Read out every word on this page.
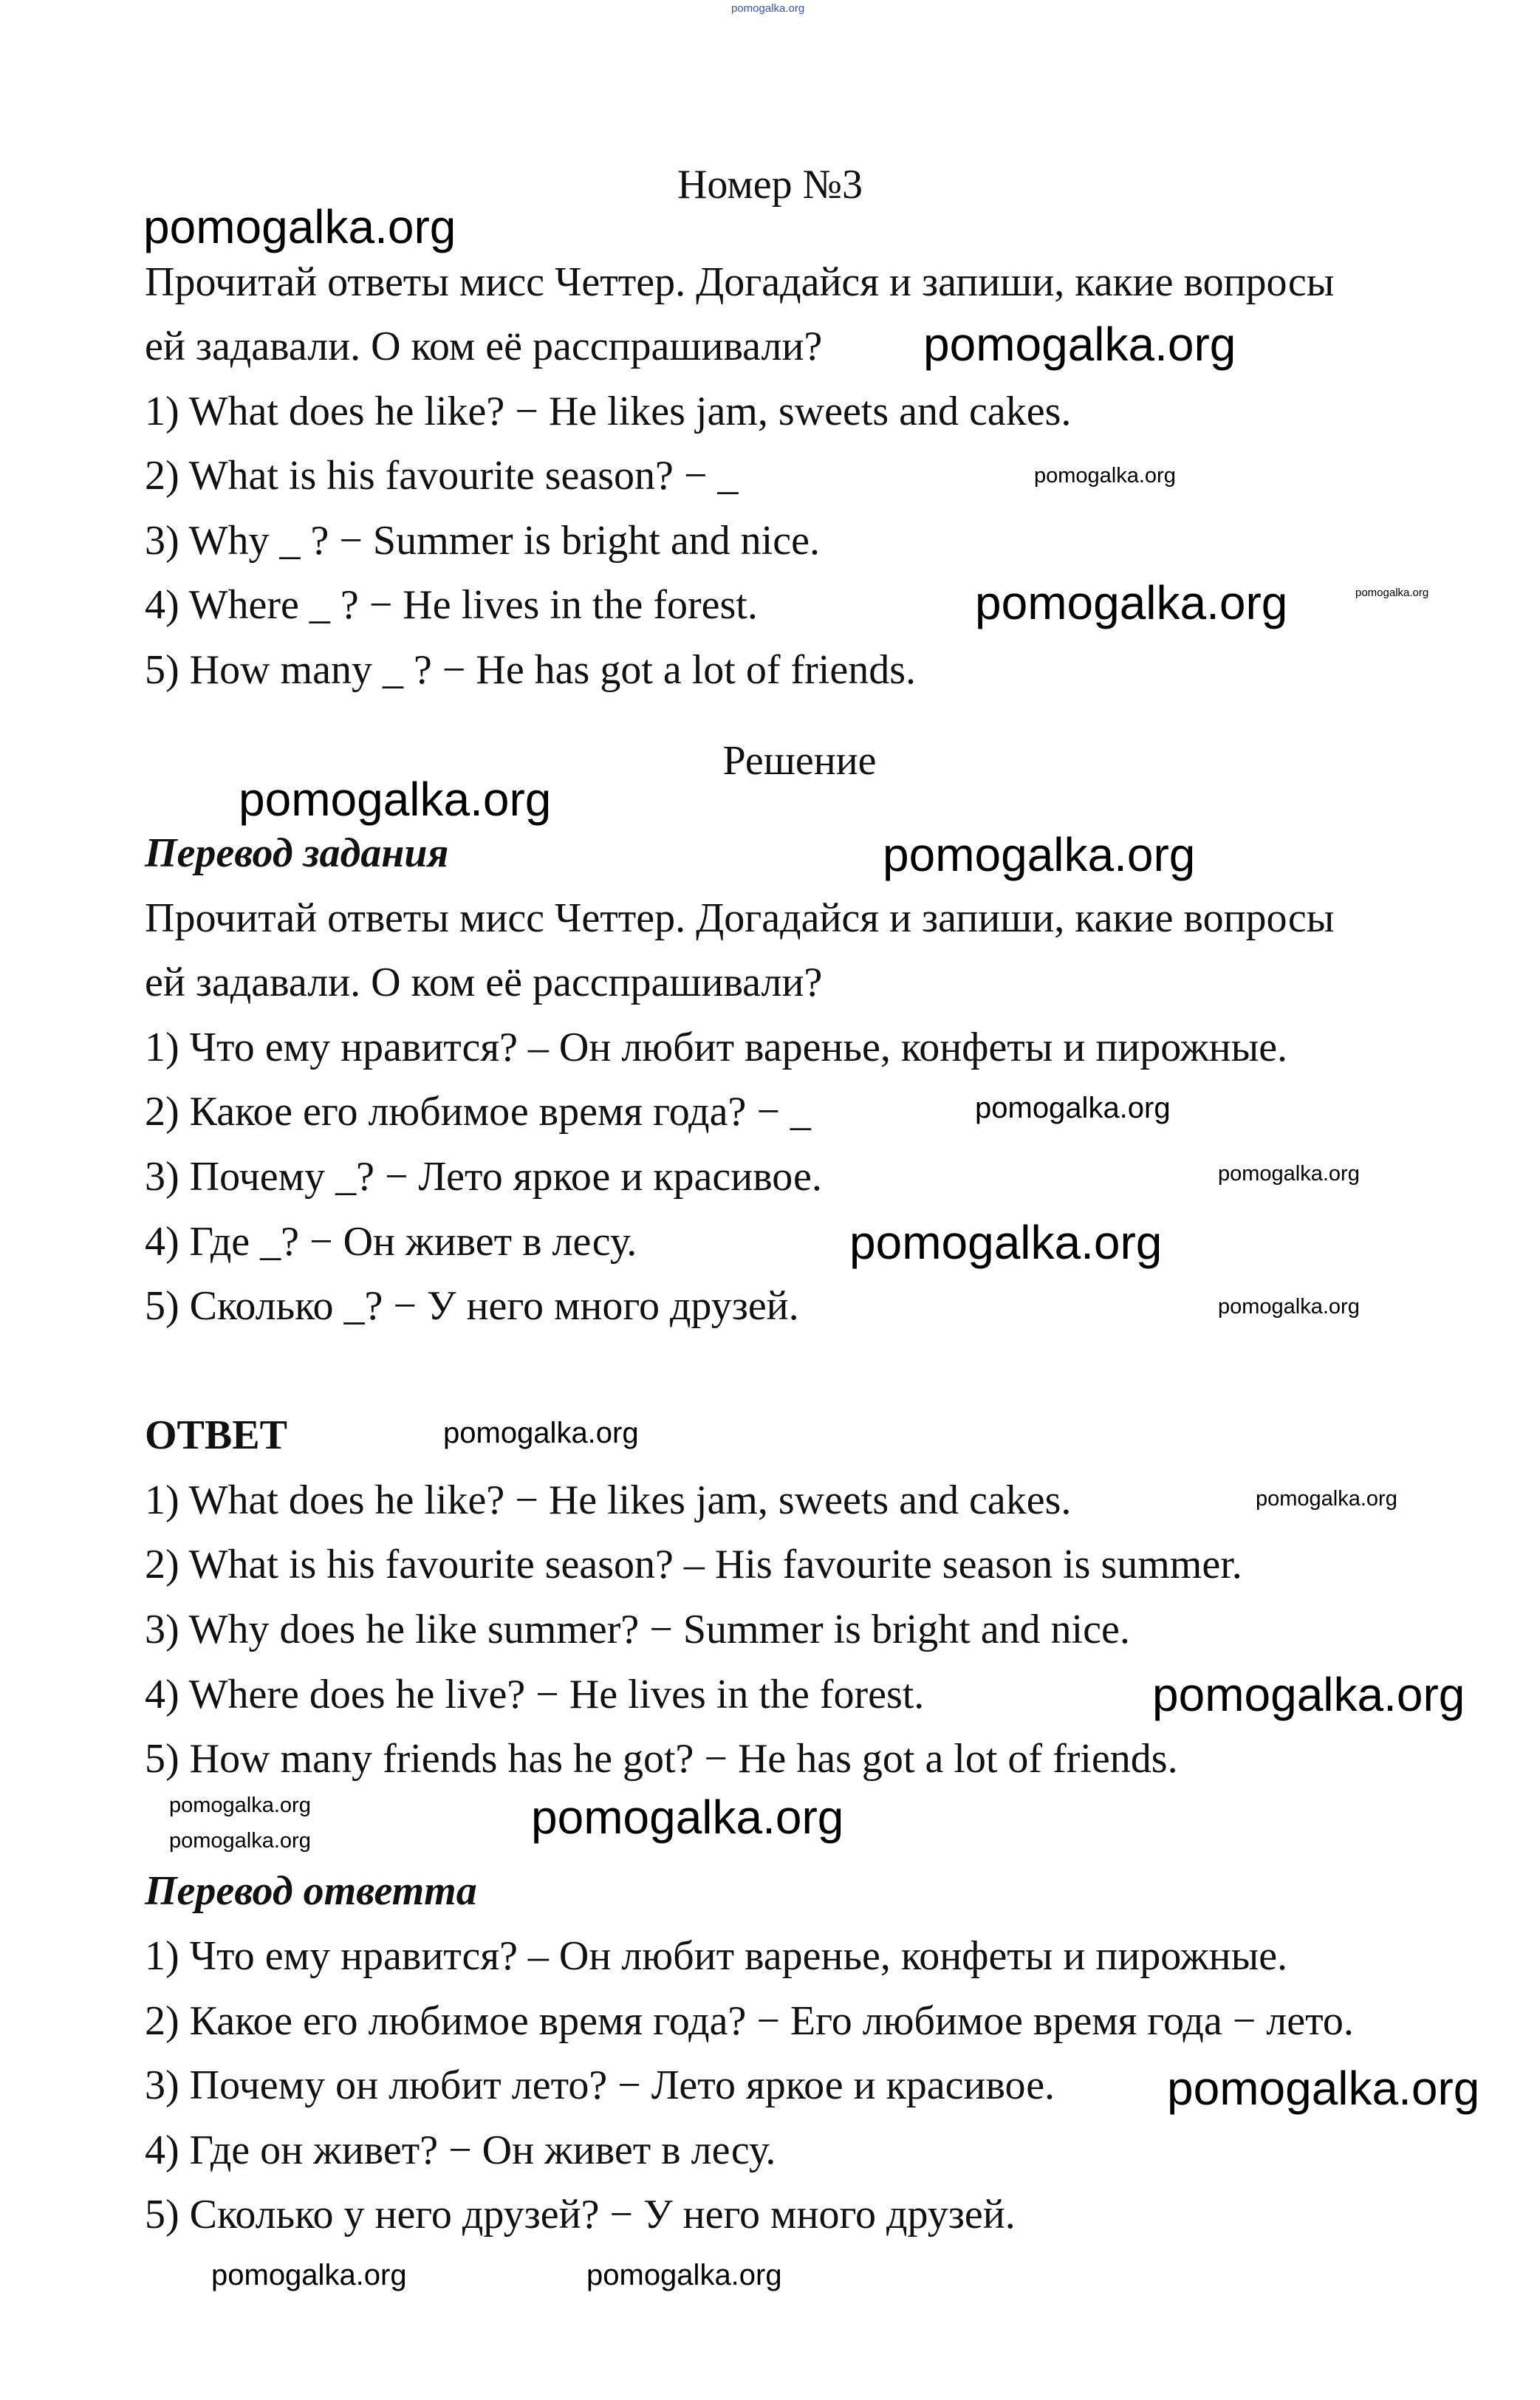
Номер №3
Прочитай ответы мисс Четтер. Догадайся и запиши, какие вопросы
ей задавали. О ком её расспрашивали?
1) What does he like? − He likes jam, sweets and cakes.
2) What is his favourite season? − _
3) Why _ ? − Summer is bright and nice.
4) Where _ ? − He lives in the forest.
5) How many _ ? − He has got a lot of friends.
Решение
Перевод задания
Прочитай ответы мисс Четтер. Догадайся и запиши, какие вопросы
ей задавали. О ком её расспрашивали?
1) Что ему нравится? – Он любит варенье, конфеты и пирожные.
2) Какое его любимое время года? − _
3) Почему _? − Лето яркое и красивое.
4) Где _? − Он живет в лесу.
5) Сколько _? − У него много друзей.
ОТВЕТ
1) What does he like? − He likes jam, sweets and cakes.
2) What is his favourite season? – His favourite season is summer.
3) Why does he like summer? − Summer is bright and nice.
4) Where does he live? − He lives in the forest.
5) How many friends has he got? − He has got a lot of friends.
Перевод ответта
1) Что ему нравится? – Он любит варенье, конфеты и пирожные.
2) Какое его любимое время года? − Его любимое время года − лето.
3) Почему он любит лето? − Лето яркое и красивое.
4) Где он живет? − Он живет в лесу.
5) Сколько у него друзей? − У него много друзей.
pomogalka.org
pomogalka.org
pomogalka.org
pomogalka.org
pomogalka.org	pomogalka.org
pomogalka.org
pomogalka.org
pomogalka.org
pomogalka.org
pomogalka.org
pomogalka.org
pomogalka.org
pomogalka.org
pomogalka.org
pomogalka.org	pomogalka.org
pomogalka.org
pomogalka.org
pomogalka.org
pomogalka.org
